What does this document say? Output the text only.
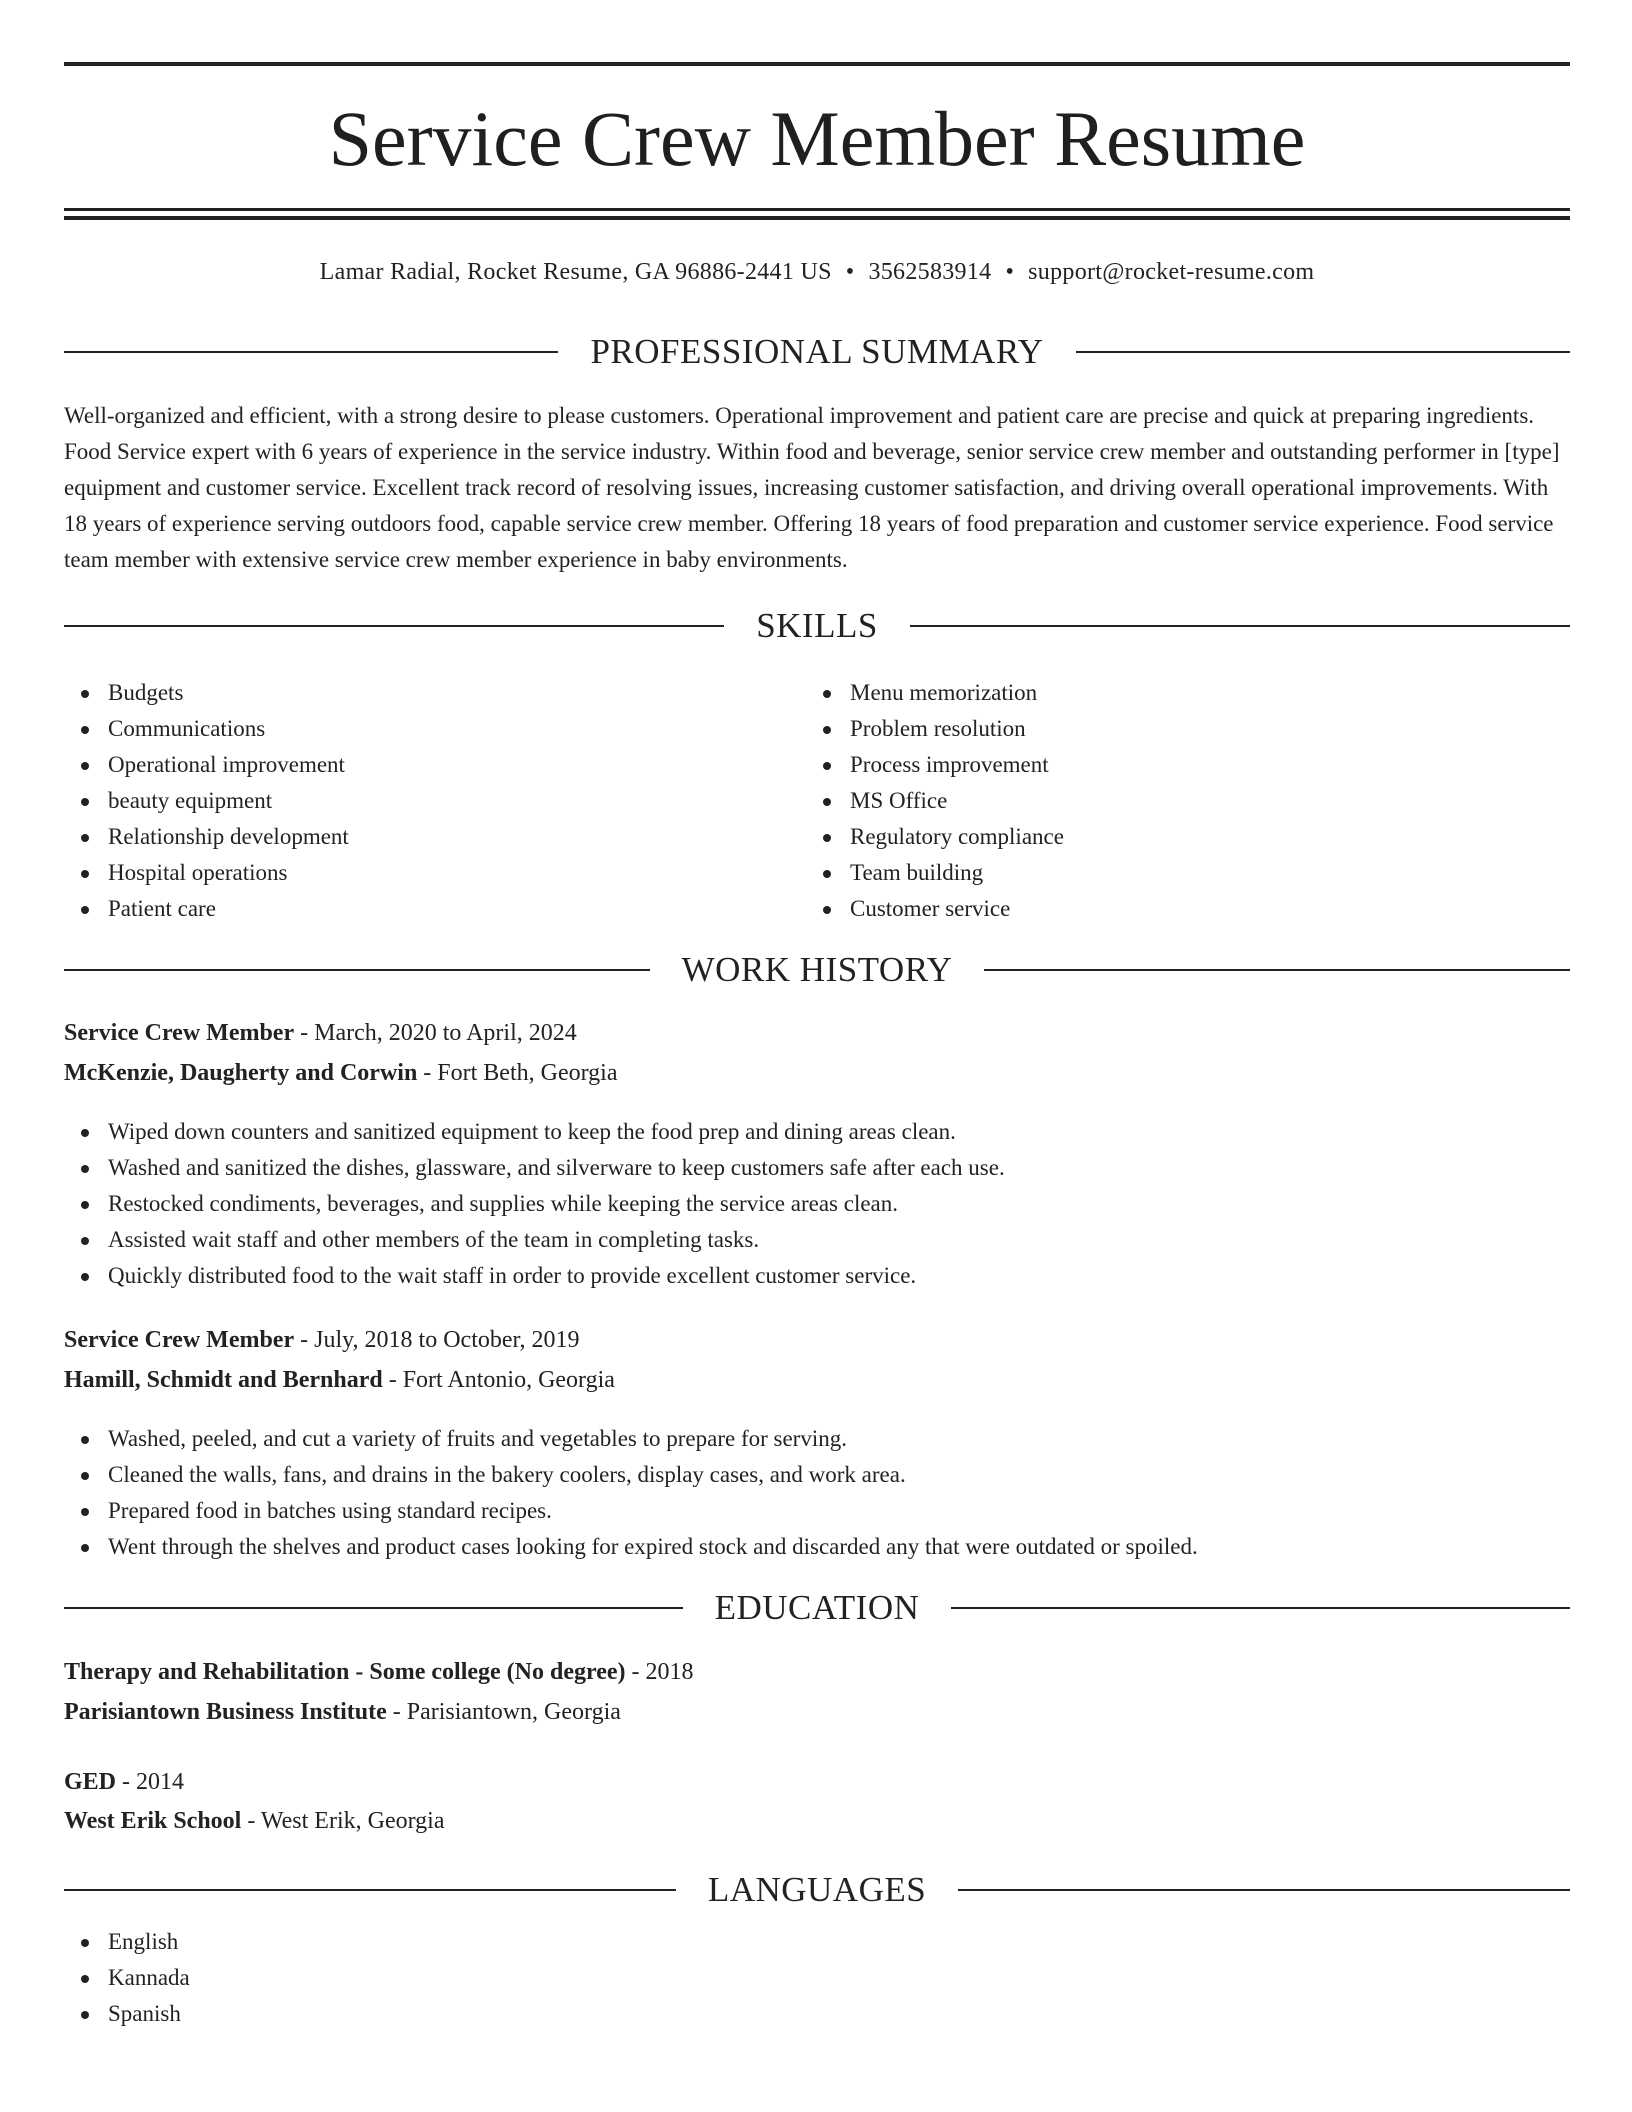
Service Crew Member Resume
Lamar Radial, Rocket Resume, GA 96886-2441 US • 3562583914 • support@rocket-resume.com
PROFESSIONAL SUMMARY

Well-organized and efficient, with a strong desire to please customers. Operational improvement and patient care are precise and quick at preparing ingredients. Food Service expert with 6 years of experience in the service industry. Within food and beverage, senior service crew member and outstanding performer in [type] equipment and customer service. Excellent track record of resolving issues, increasing customer satisfaction, and driving overall operational improvements. With 18 years of experience serving outdoors food, capable service crew member. Offering 18 years of food preparation and customer service experience. Food service team member with extensive service crew member experience in baby environments.

SKILLS
Budgets
Communications
Operational improvement
beauty equipment
Relationship development
Hospital operations
Patient care
Menu memorization
Problem resolution
Process improvement
MS Office
Regulatory compliance
Team building
Customer service
WORK HISTORY
Service Crew Member - March, 2020 to April, 2024
McKenzie, Daugherty and Corwin - Fort Beth, Georgia
Wiped down counters and sanitized equipment to keep the food prep and dining areas clean.
Washed and sanitized the dishes, glassware, and silverware to keep customers safe after each use.
Restocked condiments, beverages, and supplies while keeping the service areas clean.
Assisted wait staff and other members of the team in completing tasks.
Quickly distributed food to the wait staff in order to provide excellent customer service.
Service Crew Member - July, 2018 to October, 2019
Hamill, Schmidt and Bernhard - Fort Antonio, Georgia
Washed, peeled, and cut a variety of fruits and vegetables to prepare for serving.
Cleaned the walls, fans, and drains in the bakery coolers, display cases, and work area.
Prepared food in batches using standard recipes.
Went through the shelves and product cases looking for expired stock and discarded any that were outdated or spoiled.
EDUCATION
Therapy and Rehabilitation - Some college (No degree) - 2018
Parisiantown Business Institute - Parisiantown, Georgia
GED - 2014
West Erik School - West Erik, Georgia
LANGUAGES
English
Kannada
Spanish
